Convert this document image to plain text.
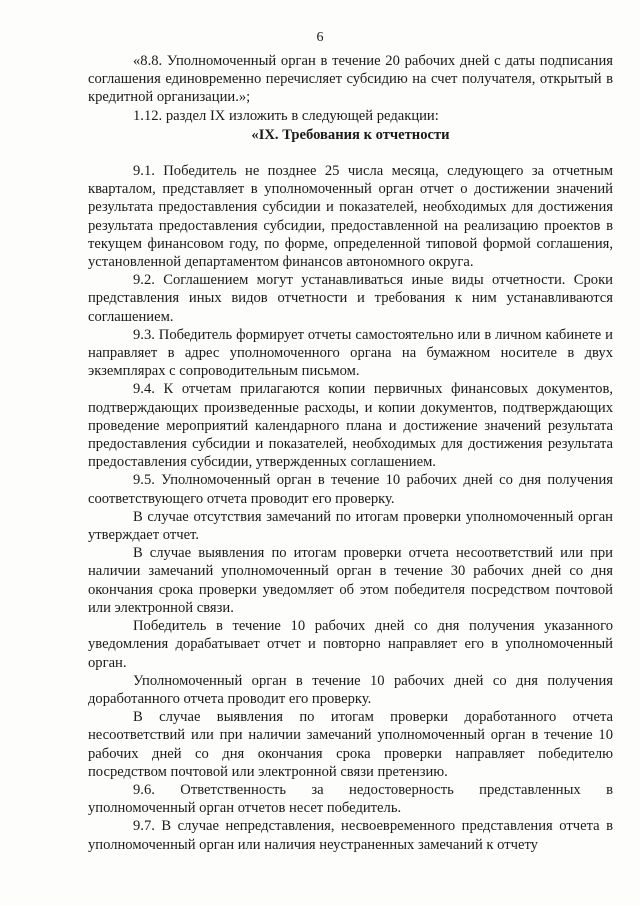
6

«8.8. Уполномоченный орган в течение 20 рабочих дней с даты подписания соглашения единовременно перечисляет субсидию на счет получателя, открытый в кредитной организации.»;

1.12. раздел IX изложить в следующей редакции:

«IX. Требования к отчетности

9.1. Победитель не позднее 25 числа месяца, следующего за отчетным кварталом, представляет в уполномоченный орган отчет о достижении значений результата предоставления субсидии и показателей, необходимых для достижения результата предоставления субсидии, предоставленной на реализацию проектов в текущем финансовом году, по форме, определенной типовой формой соглашения, установленной департаментом финансов автономного округа.

9.2. Соглашением могут устанавливаться иные виды отчетности. Сроки представления иных видов отчетности и требования к ним устанавливаются соглашением.

9.3. Победитель формирует отчеты самостоятельно или в личном кабинете и направляет в адрес уполномоченного органа на бумажном носителе в двух экземплярах с сопроводительным письмом.

9.4. К отчетам прилагаются копии первичных финансовых документов, подтверждающих произведенные расходы, и копии документов, подтверждающих проведение мероприятий календарного плана и достижение значений результата предоставления субсидии и показателей, необходимых для достижения результата предоставления субсидии, утвержденных соглашением.

9.5. Уполномоченный орган в течение 10 рабочих дней со дня получения соответствующего отчета проводит его проверку.

В случае отсутствия замечаний по итогам проверки уполномоченный орган утверждает отчет.

В случае выявления по итогам проверки отчета несоответствий или при наличии замечаний уполномоченный орган в течение 30 рабочих дней со дня окончания срока проверки уведомляет об этом победителя посредством почтовой или электронной связи.

Победитель в течение 10 рабочих дней со дня получения указанного уведомления дорабатывает отчет и повторно направляет его в уполномоченный орган.

Уполномоченный орган в течение 10 рабочих дней со дня получения доработанного отчета проводит его проверку.

В случае выявления по итогам проверки доработанного отчета несоответствий или при наличии замечаний уполномоченный орган в течение 10 рабочих дней со дня окончания срока проверки направляет победителю посредством почтовой или электронной связи претензию.

9.6. Ответственность за недостоверность представленных в уполномоченный орган отчетов несет победитель.

9.7. В случае непредставления, несвоевременного представления отчета в уполномоченный орган или наличия неустраненных замечаний к отчету
